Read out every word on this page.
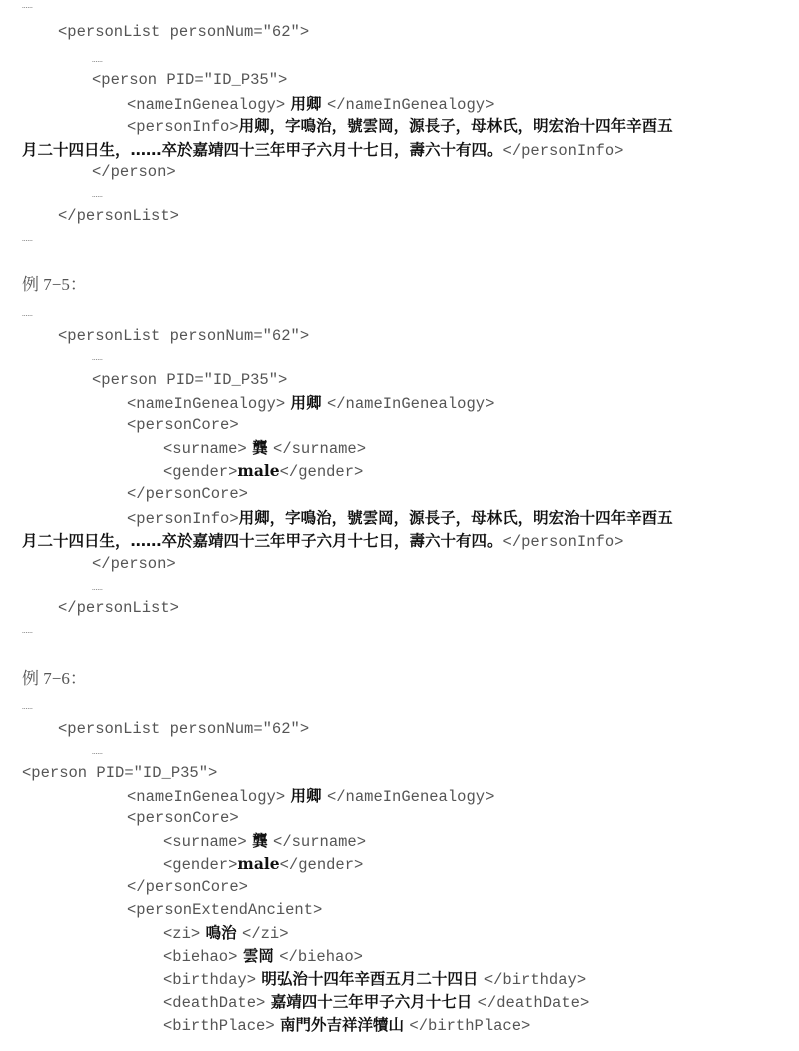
……
<personList personNum="62">
……
<person PID="ID_P35">
<nameInGenealogy> 用卿 </nameInGenealogy>
<personInfo>用卿，字鳴治，號雲岡，源長子，母林氏，明宏治十四年辛酉五
月二十四日生，……卒於嘉靖四十三年甲子六月十七日，壽六十有四。</personInfo>
</person>
……
</personList>
……
例 7−5：
……
<personList personNum="62">
……
<person PID="ID_P35">
<nameInGenealogy> 用卿 </nameInGenealogy>
<personCore>
<surname> 龔 </surname>
<gender>male</gender>
</personCore>
<personInfo>用卿，字鳴治，號雲岡，源長子，母林氏，明宏治十四年辛酉五
月二十四日生，……卒於嘉靖四十三年甲子六月十七日，壽六十有四。</personInfo>
</person>
……
</personList>
……
例 7−6：
……
<personList personNum="62">
……
<person PID="ID_P35">
<nameInGenealogy> 用卿 </nameInGenealogy>
<personCore>
<surname> 龔 </surname>
<gender>male</gender>
</personCore>
<personExtendAncient>
<zi> 鳴治 </zi>
<biehao> 雲岡 </biehao>
<birthday> 明弘治十四年辛酉五月二十四日 </birthday>
<deathDate> 嘉靖四十三年甲子六月十七日 </deathDate>
<birthPlace> 南門外吉祥洋犢山 </birthPlace>
